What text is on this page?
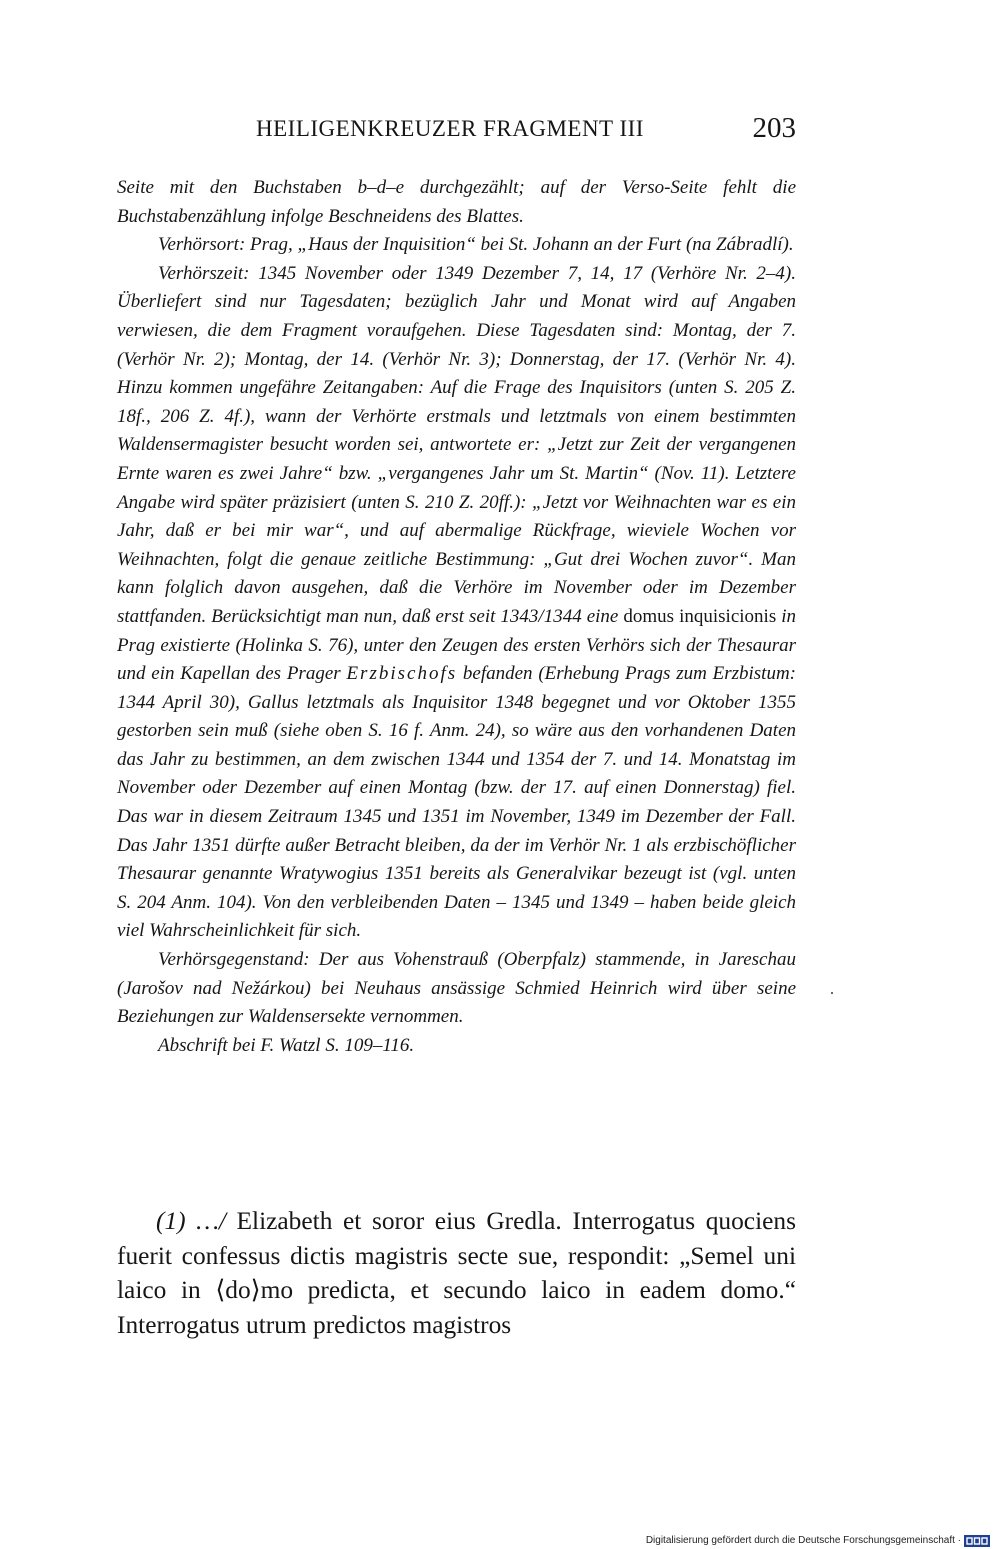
HEILIGENKREUZER FRAGMENT III	203

Seite mit den Buchstaben b–d–e durchgezählt; auf der Verso-Seite fehlt die Buchstabenzählung infolge Beschneidens des Blattes.

Verhörsort: Prag, „Haus der Inquisition“ bei St. Johann an der Furt (na Zábradlí).

Verhörszeit: 1345 November oder 1349 Dezember 7, 14, 17 (Verhöre Nr. 2–4). Überliefert sind nur Tagesdaten; bezüglich Jahr und Monat wird auf Angaben verwiesen, die dem Fragment voraufgehen. Diese Tagesdaten sind: Montag, der 7. (Verhör Nr. 2); Montag, der 14. (Verhör Nr. 3); Donnerstag, der 17. (Verhör Nr. 4). Hinzu kommen ungefähre Zeitangaben: Auf die Frage des Inquisitors (unten S. 205 Z. 18f., 206 Z. 4f.), wann der Verhörte erstmals und letztmals von einem bestimmten Waldensermagister besucht worden sei, antwortete er: „Jetzt zur Zeit der vergangenen Ernte waren es zwei Jahre“ bzw. „vergangenes Jahr um St. Martin“ (Nov. 11). Letztere Angabe wird später präzisiert (unten S. 210 Z. 20ff.): „Jetzt vor Weihnachten war es ein Jahr, daß er bei mir war“, und auf abermalige Rückfrage, wieviele Wochen vor Weihnachten, folgt die genaue zeitliche Bestimmung: „Gut drei Wochen zuvor“. Man kann folglich davon ausgehen, daß die Verhöre im November oder im Dezember stattfanden. Berücksichtigt man nun, daß erst seit 1343/1344 eine domus inquisicionis in Prag existierte (Holinka S. 76), unter den Zeugen des ersten Verhörs sich der Thesaurar und ein Kapellan des Prager Erzbischofs befanden (Erhebung Prags zum Erzbistum: 1344 April 30), Gallus letztmals als Inquisitor 1348 begegnet und vor Oktober 1355 gestorben sein muß (siehe oben S. 16 f. Anm. 24), so wäre aus den vorhandenen Daten das Jahr zu bestimmen, an dem zwischen 1344 und 1354 der 7. und 14. Monatstag im November oder Dezember auf einen Montag (bzw. der 17. auf einen Donnerstag) fiel. Das war in diesem Zeitraum 1345 und 1351 im November, 1349 im Dezember der Fall. Das Jahr 1351 dürfte außer Betracht bleiben, da der im Verhör Nr. 1 als erzbischöflicher Thesaurar genannte Wratywogius 1351 bereits als Generalvikar bezeugt ist (vgl. unten S. 204 Anm. 104). Von den verbleibenden Daten – 1345 und 1349 – haben beide gleich viel Wahrscheinlichkeit für sich.

Verhörsgegenstand: Der aus Vohenstrauß (Oberpfalz) stammende, in Jareschau (Jarošov nad Nežárkou) bei Neuhaus ansässige Schmied Heinrich wird über seine Beziehungen zur Waldensersekte vernommen.

Abschrift bei F. Watzl S. 109–116.

(1) …/ Elizabeth et soror eius Gredla. Interrogatus quociens fuerit confessus dictis magistris secte sue, respondit: „Semel uni laico in ⟨do⟩mo predicta, et secundo laico in eadem domo.“ Interrogatus utrum predictos magistros

Digitalisierung gefördert durch die Deutsche Forschungsgemeinschaft ·
